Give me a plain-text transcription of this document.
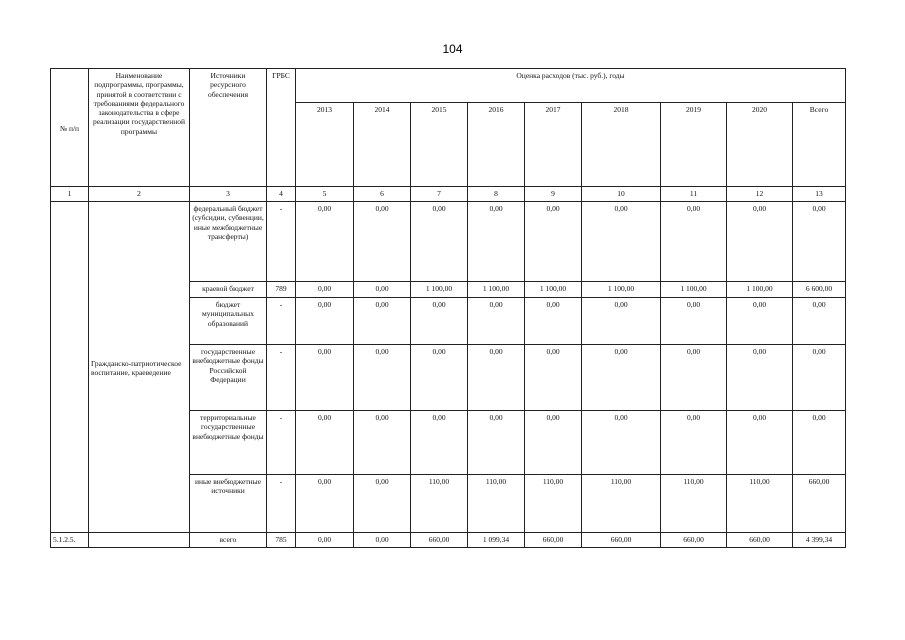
104
№ п/п	Наименование подпрограммы, программы, принятой в соответствии с требованиями федерального законодательства в сфере реализации государственной программы	Источники ресурсного обеспечения	ГРБС	Оценка расходов (тыс. руб.), годы								
				2013	2014	2015	2016	2017	2018	2019	2020	Всего
1	2	3	4	5	6	7	8	9	10	11	12	13
	Гражданско-патриотическое воспитание, краеведение	федеральный бюджет (субсидии, субвенции, иные межбюджетные трансферты)	-	0,00	0,00	0,00	0,00	0,00	0,00	0,00	0,00	0,00
		краевой бюджет	789	0,00	0,00	1 100,00	1 100,00	1 100,00	1 100,00	1 100,00	1 100,00	6 600,00
		бюджет муниципальных образований	-	0,00	0,00	0,00	0,00	0,00	0,00	0,00	0,00	0,00
		государственные внебюджетные фонды Российской Федерации	-	0,00	0,00	0,00	0,00	0,00	0,00	0,00	0,00	0,00
		территориальные государственные внебюджетные фонды	-	0,00	0,00	0,00	0,00	0,00	0,00	0,00	0,00	0,00
		иные внебюджетные источники	-	0,00	0,00	110,00	110,00	110,00	110,00	110,00	110,00	660,00
5.1.2.5.		всего	785	0,00	0,00	660,00	1 099,34	660,00	660,00	660,00	660,00	4 399,34
